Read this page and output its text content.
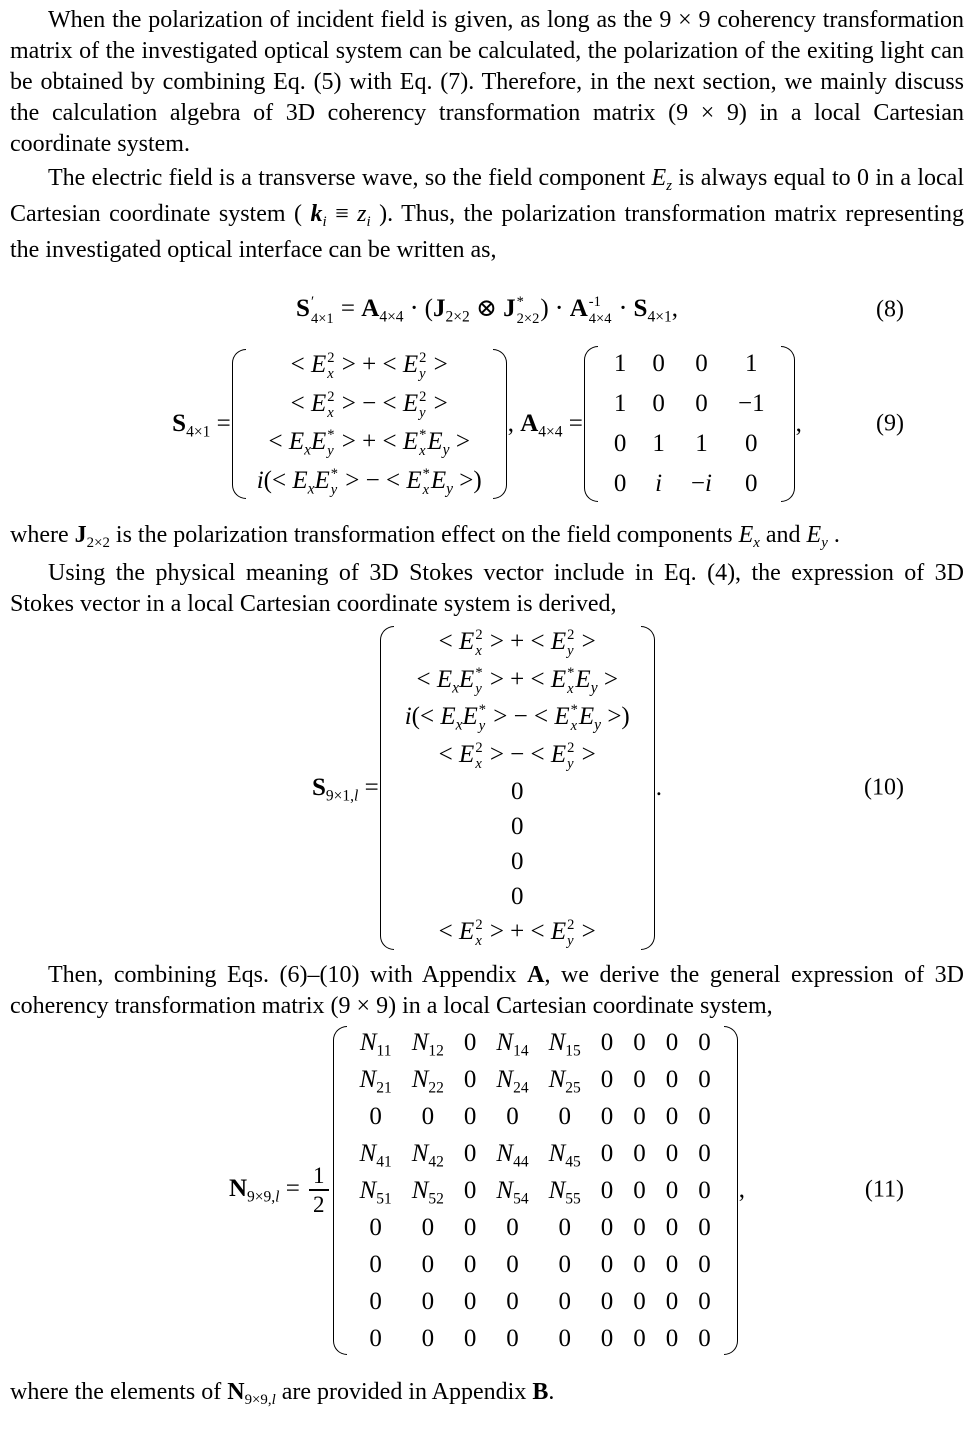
When the polarization of incident field is given, as long as the 9 × 9 coherency transformation matrix of the investigated optical system can be calculated, the polarization of the exiting light can be obtained by combining Eq. (5) with Eq. (7). Therefore, in the next section, we mainly discuss the calculation algebra of 3D coherency transformation matrix (9 × 9) in a local Cartesian coordinate system.

The electric field is a transverse wave, so the field component $E_z$ is always equal to 0 in a local Cartesian coordinate system ( $k_i \equiv z_i$ ). Thus, the polarization transformation matrix representing the investigated optical interface can be written as,

S ′
$4\times 1 = A_{4\times 4} \cdot (J_{2\times 2}$ ⊗ J *
2×2 ) ⋅ A -1
$4\times 4 \cdot S_{4\times 1}$,	(8)
$S_{4\times 1}$ =
< E 2
x > + < E 2
y >
< E 2
x > − < E 2
y >
< $E_xE$ *
y > + < E *
x $E_y$ >
$i(< E_xE$ *
y > − < E *
x $E_y$ >)
, $A_{4\times 4}$ =
1	0	0	1
1	0	0	−1
0	1	1	0
0	i	−i	0
,	(9)

where $J_{2\times 2}$ is the polarization transformation effect on the field components $E_x$ and $E_y$ .

Using the physical meaning of 3D Stokes vector include in Eq. (4), the expression of 3D Stokes vector in a local Cartesian coordinate system is derived,

$S_{9\times 1,l}$ =
< E 2
x > + < E 2
y >
< $E_xE$ *
y > + < E *
x $E_y$ >
$i(< E_xE$ *
y > − < E *
x $E_y$ >)
< E 2
x > − < E 2
y >
0
0
0
0
< E 2
x > + < E 2
y >
.	(10)

Then, combining Eqs. (6)–(10) with Appendix A, we derive the general expression of 3D coherency transformation matrix (9 × 9) in a local Cartesian coordinate system,

$N_{9\times 9,l} = \frac{1}{2}$
$N_{11}$	$N_{12}$	0	$N_{14}$	$N_{15}$	0	0	0	0
$N_{21}$	$N_{22}$	0	$N_{24}$	$N_{25}$	0	0	0	0
0	0	0	0	0	0	0	0	0
$N_{41}$	$N_{42}$	0	$N_{44}$	$N_{45}$	0	0	0	0
$N_{51}$	$N_{52}$	0	$N_{54}$	$N_{55}$	0	0	0	0
0	0	0	0	0	0	0	0	0
0	0	0	0	0	0	0	0	0
0	0	0	0	0	0	0	0	0
0	0	0	0	0	0	0	0	0
,	(11)

where the elements of $N_{9\times 9,l}$ are provided in Appendix B.
